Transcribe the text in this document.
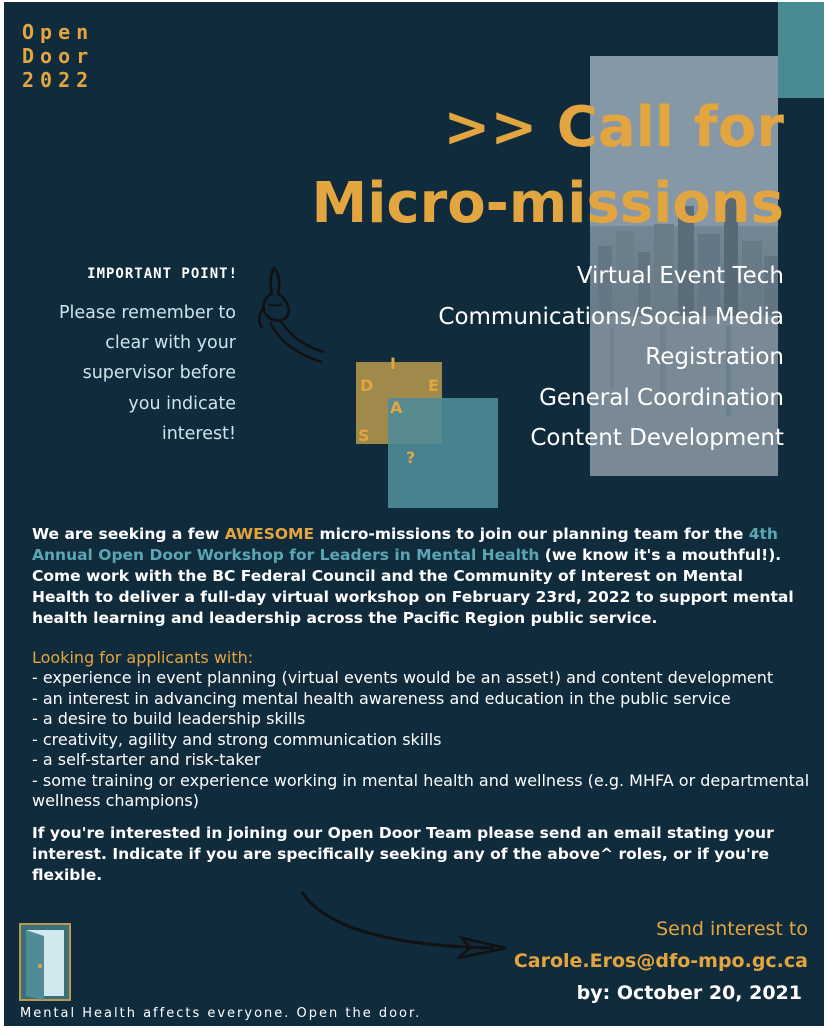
Open
Door
2022
>> Call for
Micro-missions
Virtual Event Tech
Communications/Social Media
Registration
General Coordination
Content Development
IMPORTANT POINT!
Please remember to
clear with your
supervisor before
you indicate
interest!
I
D	E
A
S
?
We are seeking a few AWESOME micro-missions to join our planning team for the 4th Annual Open Door Workshop for Leaders in Mental Health (we know it's a mouthful!). Come work with the BC Federal Council and the Community of Interest on Mental Health to deliver a full-day virtual workshop on February 23rd, 2022 to support mental health learning and leadership across the Pacific Region public service.
Looking for applicants with:
- experience in event planning (virtual events would be an asset!) and content development
- an interest in advancing mental health awareness and education in the public service
- a desire to build leadership skills
- creativity, agility and strong communication skills
- a self-starter and risk-taker
- some training or experience working in mental health and wellness (e.g. MHFA or departmental wellness champions)
If you're interested in joining our Open Door Team please send an email stating your interest. Indicate if you are specifically seeking any of the above^ roles, or if you're flexible.
Send interest to
Carole.Eros@dfo-mpo.gc.ca
by: October 20, 2021
Mental Health affects everyone. Open the door.
